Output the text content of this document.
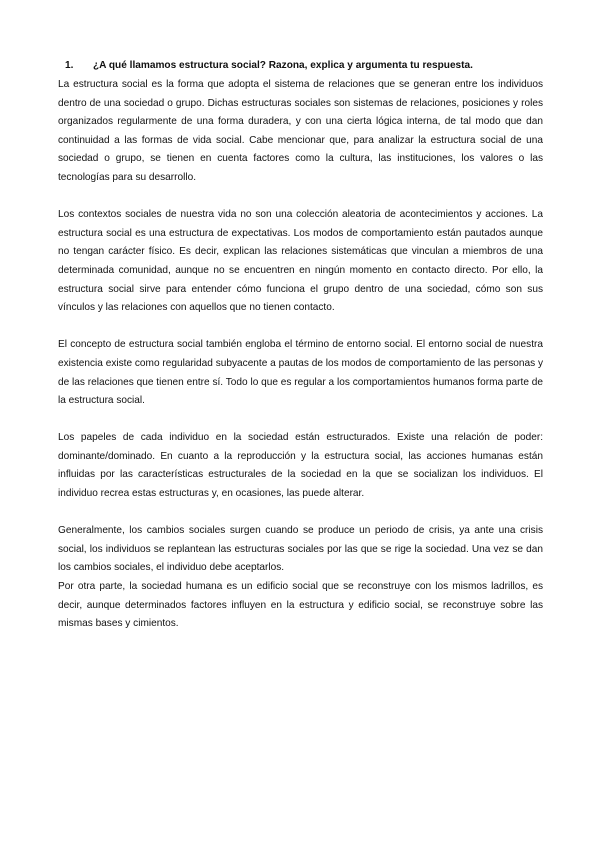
1.	¿A qué llamamos estructura social? Razona, explica y argumenta tu respuesta.

La estructura social es la forma que adopta el sistema de relaciones que se generan entre los individuos dentro de una sociedad o grupo. Dichas estructuras sociales son sistemas de relaciones, posiciones y roles organizados regularmente de una forma duradera, y con una cierta lógica interna, de tal modo que dan continuidad a las formas de vida social. Cabe mencionar que, para analizar la estructura social de una sociedad o grupo, se tienen en cuenta factores como la cultura, las instituciones, los valores o las tecnologías para su desarrollo.

Los contextos sociales de nuestra vida no son una colección aleatoria de acontecimientos y acciones. La estructura social es una estructura de expectativas. Los modos de comportamiento están pautados aunque no tengan carácter físico. Es decir, explican las relaciones sistemáticas que vinculan a miembros de una determinada comunidad, aunque no se encuentren en ningún momento en contacto directo. Por ello, la estructura social sirve para entender cómo funciona el grupo dentro de una sociedad, cómo son sus vínculos y las relaciones con aquellos que no tienen contacto.

El concepto de estructura social también engloba el término de entorno social. El entorno social de nuestra existencia existe como regularidad subyacente a pautas de los modos de comportamiento de las personas y de las relaciones que tienen entre sí. Todo lo que es regular a los comportamientos humanos forma parte de la estructura social.

Los papeles de cada individuo en la sociedad están estructurados. Existe una relación de poder: dominante/dominado. En cuanto a la reproducción y la estructura social, las acciones humanas están influidas por las características estructurales de la sociedad en la que se socializan los individuos. El individuo recrea estas estructuras y, en ocasiones, las puede alterar.

Generalmente, los cambios sociales surgen cuando se produce un periodo de crisis, ya ante una crisis social, los individuos se replantean las estructuras sociales por las que se rige la sociedad. Una vez se dan los cambios sociales, el individuo debe aceptarlos.

Por otra parte, la sociedad humana es un edificio social que se reconstruye con los mismos ladrillos, es decir, aunque determinados factores influyen en la estructura y edificio social, se reconstruye sobre las mismas bases y cimientos.
